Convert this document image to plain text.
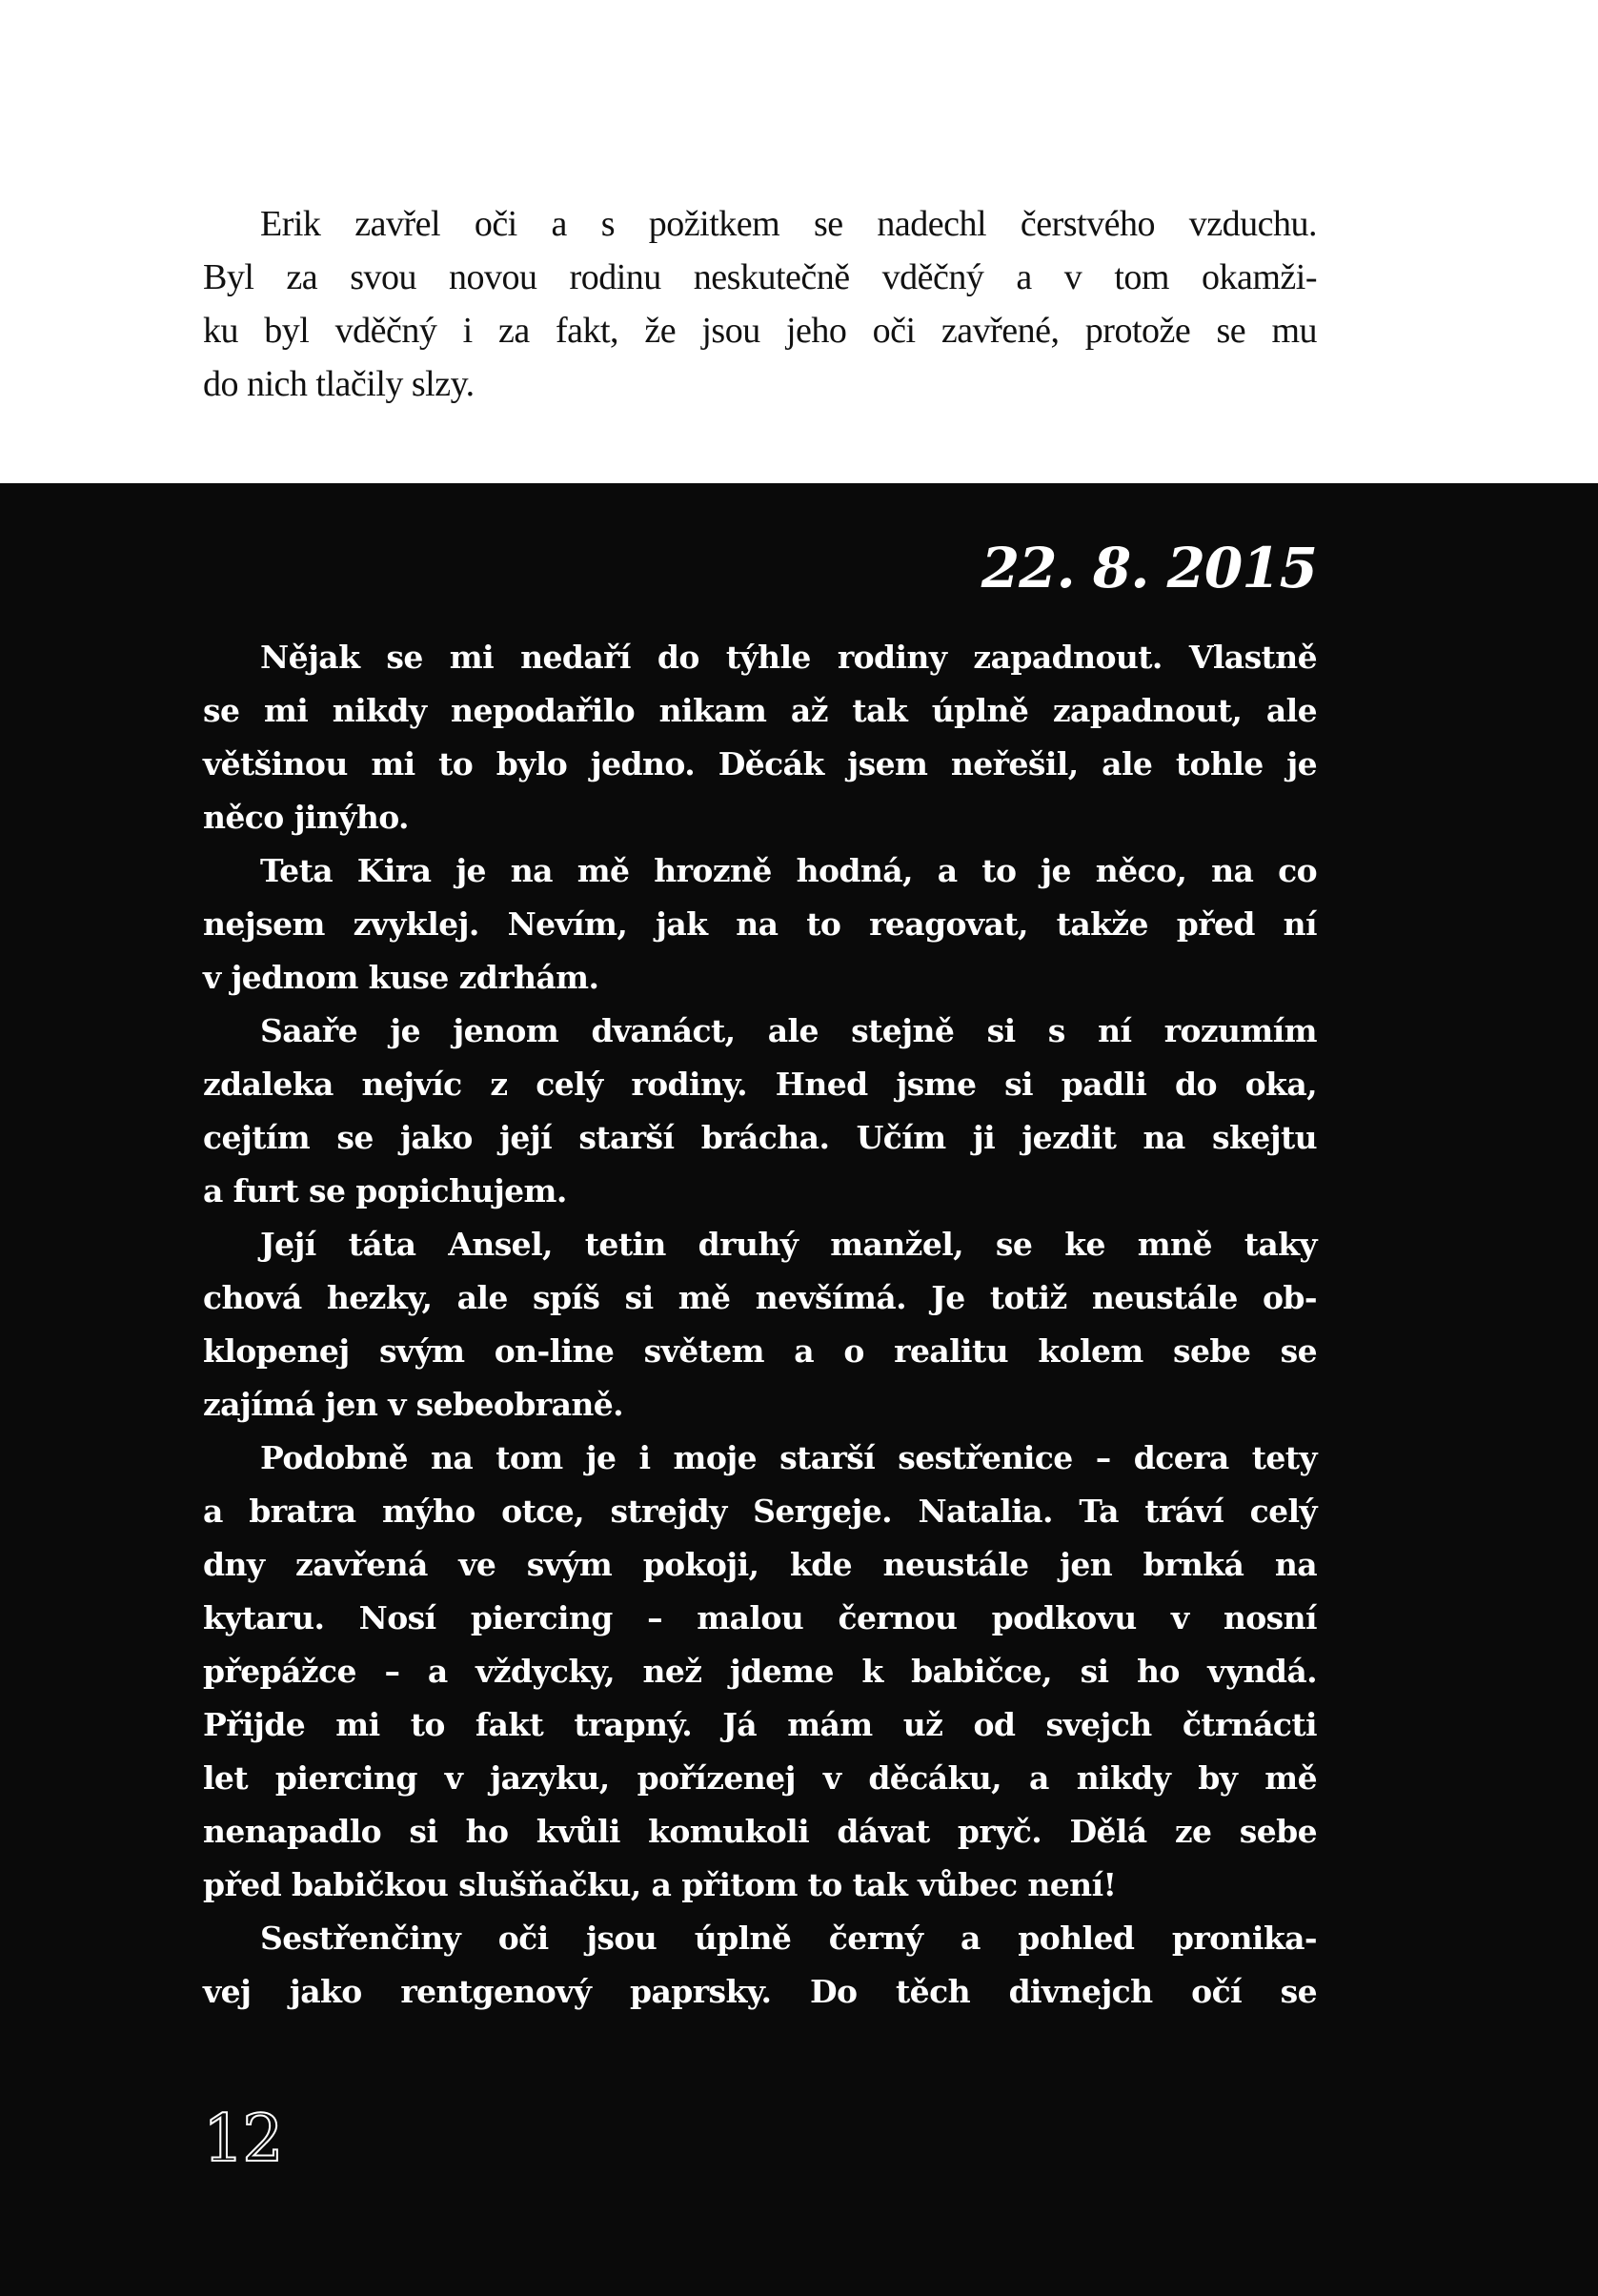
Erik zavřel oči a s požitkem se nadechl čerstvého vzduchu.
Byl za svou novou rodinu neskutečně vděčný a v tom okamži-
ku byl vděčný i za fakt, že jsou jeho oči zavřené, protože se mu
do nich tlačily slzy.
22. 8. 2015
Nějak se mi nedaří do týhle rodiny zapadnout. Vlastně
se mi nikdy nepodařilo nikam až tak úplně zapadnout, ale
většinou mi to bylo jedno. Děcák jsem neřešil, ale tohle je
něco jinýho.
Teta Kira je na mě hrozně hodná, a to je něco, na co
nejsem zvyklej. Nevím, jak na to reagovat, takže před ní
v jednom kuse zdrhám.
Saaře je jenom dvanáct, ale stejně si s ní rozumím
zdaleka nejvíc z celý rodiny. Hned jsme si padli do oka,
cejtím se jako její starší brácha. Učím ji jezdit na skejtu
a furt se popichujem.
Její táta Ansel, tetin druhý manžel, se ke mně taky
chová hezky, ale spíš si mě nevšímá. Je totiž neustále ob-
klopenej svým on-line světem a o realitu kolem sebe se
zajímá jen v sebeobraně.
Podobně na tom je i moje starší sestřenice – dcera tety
a bratra mýho otce, strejdy Sergeje. Natalia. Ta tráví celý
dny zavřená ve svým pokoji, kde neustále jen brnká na
kytaru. Nosí piercing – malou černou podkovu v nosní
přepážce – a vždycky, než jdeme k babičce, si ho vyndá.
Přijde mi to fakt trapný. Já mám už od svejch čtrnácti
let piercing v jazyku, pořízenej v děcáku, a nikdy by mě
nenapadlo si ho kvůli komukoli dávat pryč. Dělá ze sebe
před babičkou slušňačku, a přitom to tak vůbec není!
Sestřenčiny oči jsou úplně černý a pohled pronika-
vej jako rentgenový paprsky. Do těch divnejch očí se
12
